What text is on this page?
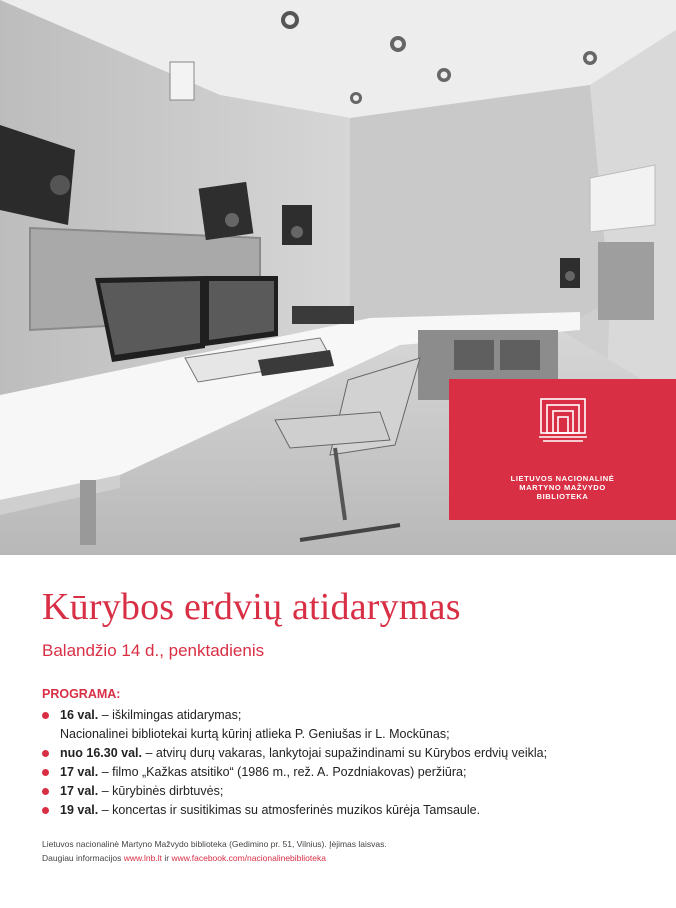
LIETUVOS NACIONALINĖ
MARTYNO MAŽVYDO
BIBLIOTEKA
Kūrybos erdvių atidarymas
Balandžio 14 d., penktadienis
PROGRAMA:
16 val. – iškilmingas atidarymas;
Nacionalinei bibliotekai kurtą kūrinį atlieka P. Geniušas ir L. Mockūnas;
nuo 16.30 val. – atvirų durų vakaras, lankytojai supažindinami su Kūrybos erdvių veikla;
17 val. – filmo „Kažkas atsitiko“ (1986 m., rež. A. Pozdniakovas) peržiūra;
17 val. – kūrybinės dirbtuvės;
19 val. – koncertas ir susitikimas su atmosferinės muzikos kūrėja Tamsaule.
Lietuvos nacionalinė Martyno Mažvydo biblioteka (Gedimino pr. 51, Vilnius). Įėjimas laisvas.
Daugiau informacijos www.lnb.lt ir www.facebook.com/nacionalinebiblioteka
